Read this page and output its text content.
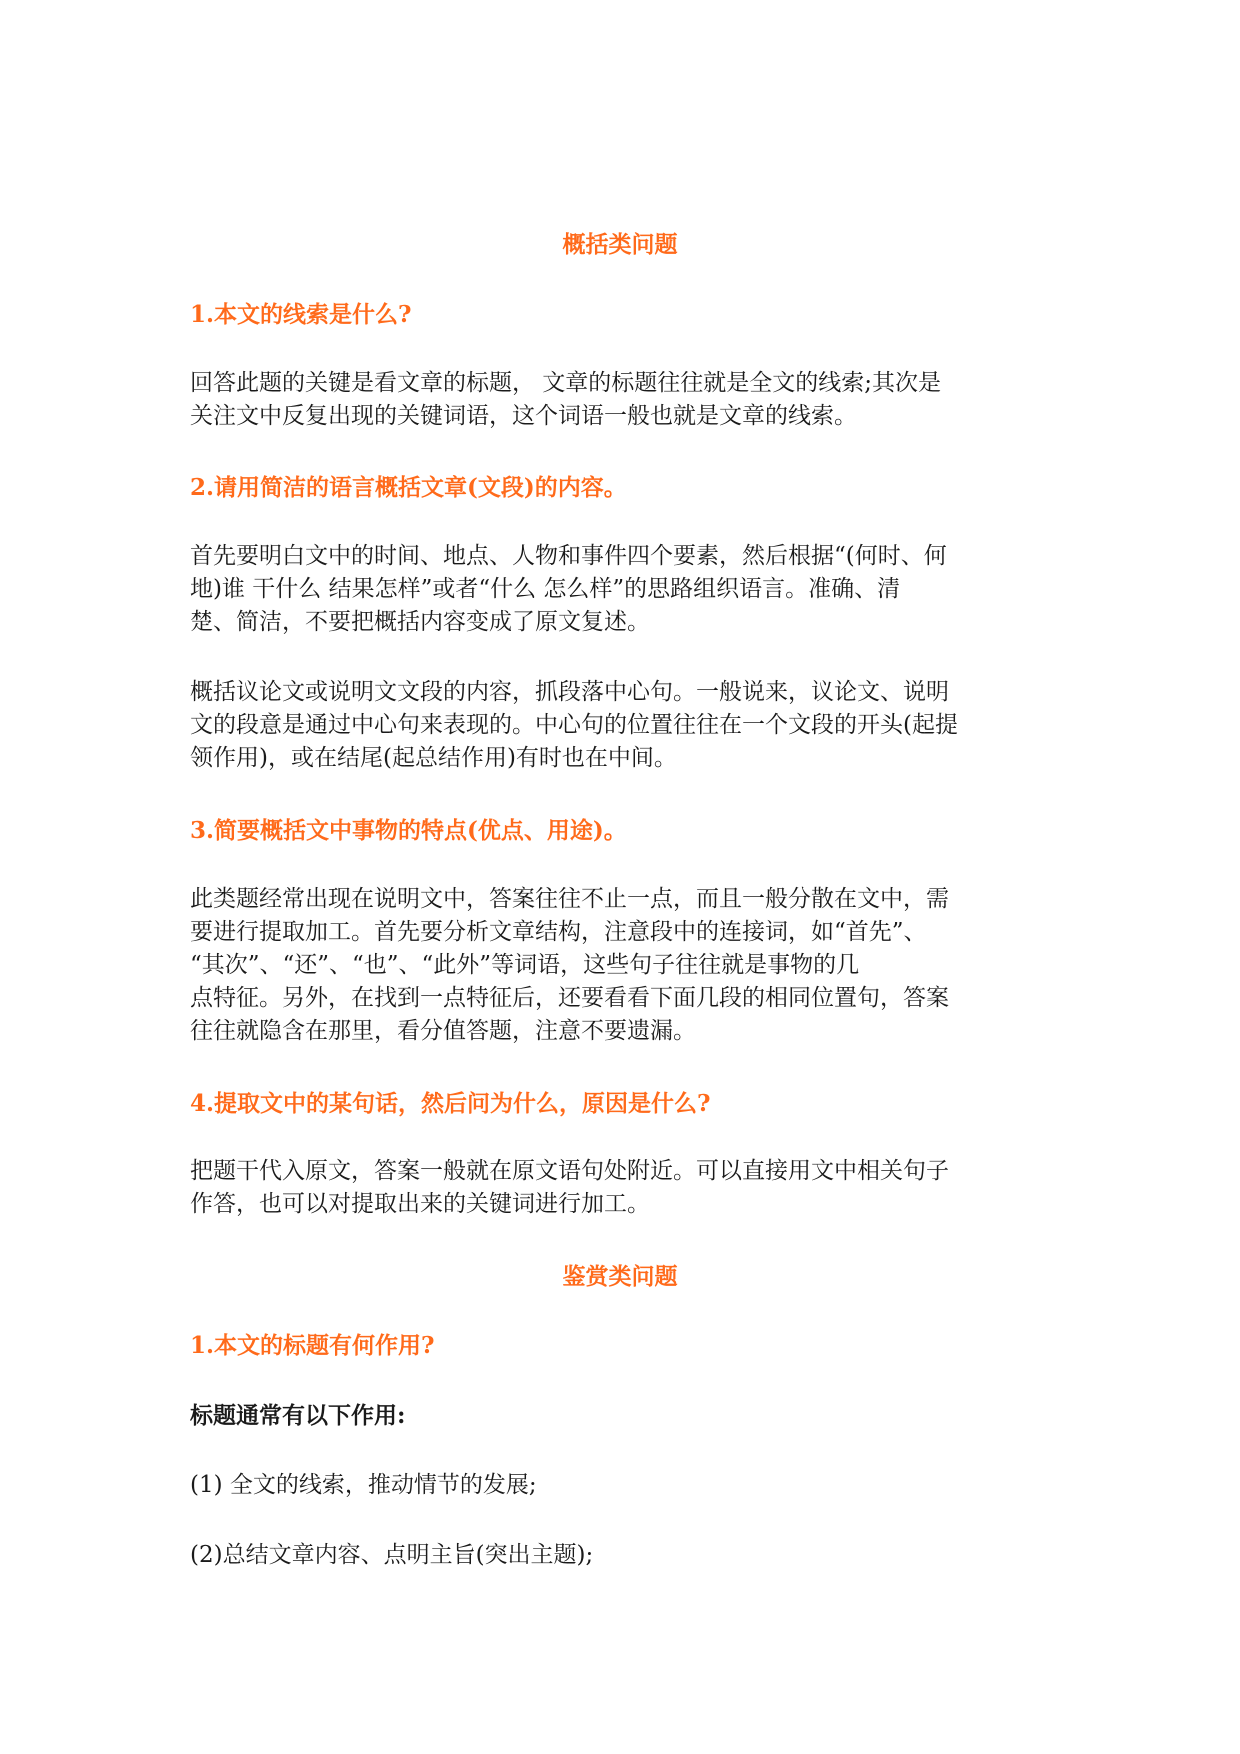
概括类问题
1.本文的线索是什么?
回答此题的关键是看文章的标题， 文章的标题往往就是全文的线索;其次是
关注文中反复出现的关键词语，这个词语一般也就是文章的线索。
2.请用简洁的语言概括文章(文段)的内容。
首先要明白文中的时间、地点、人物和事件四个要素，然后根据“(何时、何
地)谁 干什么 结果怎样”或者“什么 怎么样”的思路组织语言。准确、清
楚、简洁，不要把概括内容变成了原文复述。
概括议论文或说明文文段的内容，抓段落中心句。一般说来，议论文、说明
文的段意是通过中心句来表现的。中心句的位置往往在一个文段的开头(起提
领作用)，或在结尾(起总结作用)有时也在中间。
3.简要概括文中事物的特点(优点、用途)。
此类题经常出现在说明文中，答案往往不止一点，而且一般分散在文中，需
要进行提取加工。首先要分析文章结构，注意段中的连接词，如“首先”、
“其次”、“还”、“也”、“此外”等词语，这些句子往往就是事物的几
点特征。另外，在找到一点特征后，还要看看下面几段的相同位置句，答案
往往就隐含在那里，看分值答题，注意不要遗漏。
4.提取文中的某句话，然后问为什么，原因是什么?
把题干代入原文，答案一般就在原文语句处附近。可以直接用文中相关句子
作答，也可以对提取出来的关键词进行加工。
鉴赏类问题
1.本文的标题有何作用?
标题通常有以下作用:
(1) 全文的线索，推动情节的发展;
(2)总结文章内容、点明主旨(突出主题);
